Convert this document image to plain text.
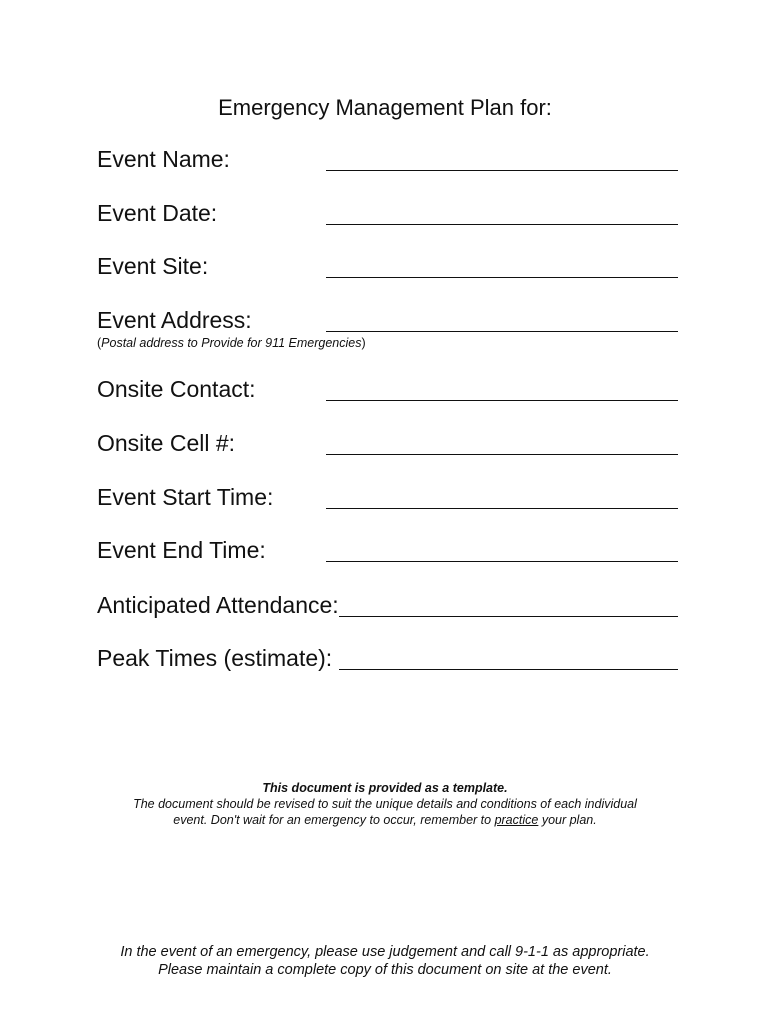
Emergency Management Plan for:
Event Name:
Event Date:
Event Site:
Event Address:
(Postal address to Provide for 911 Emergencies)
Onsite Contact:
Onsite Cell #:
Event Start Time:
Event End Time:
Anticipated Attendance:
Peak Times (estimate):
This document is provided as a template.
The document should be revised to suit the unique details and conditions of each individual
event. Don't wait for an emergency to occur, remember to practice your plan.
In the event of an emergency, please use judgement and call 9-1-1 as appropriate.
Please maintain a complete copy of this document on site at the event.
